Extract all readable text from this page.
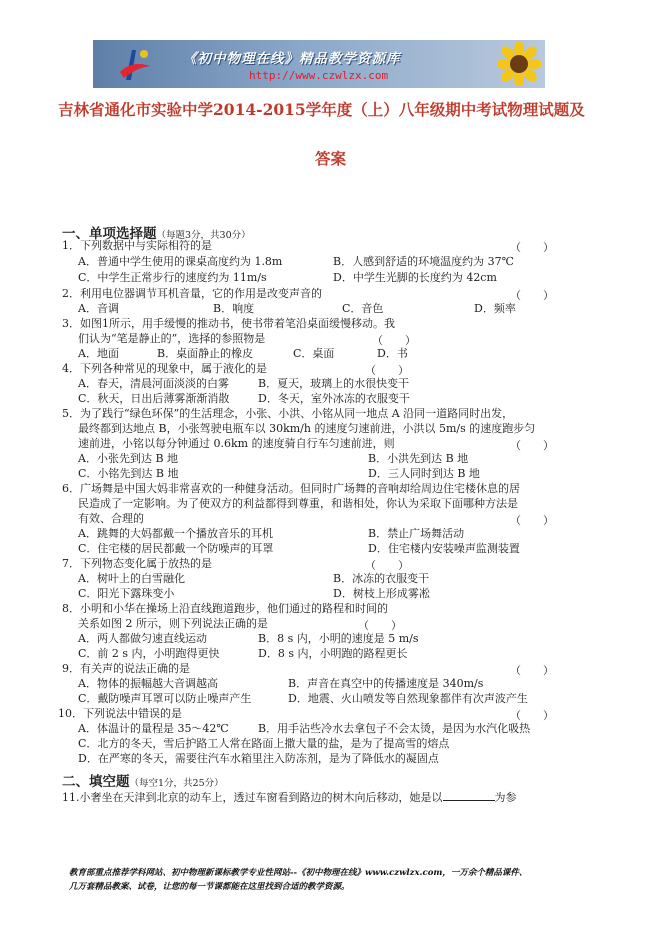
《初中物理在线》精品教学资源库
http://www.czwlzx.com
吉林省通化市实验中学2014-2015学年度（上）八年级期中考试物理试题及
答案
一、单项选择题（每题3分，共30分）
1．下列数据中与实际相符的是	（　　）
A．普通中学生使用的课桌高度约为 1.8m	B．人感到舒适的环境温度约为 37℃
C．中学生正常步行的速度约为 11m/s	D．中学生光脚的长度约为 42cm
2．利用电位器调节耳机音量，它的作用是改变声音的	（　　）
A．音调	B．响度	C．音色	D．频率
3．如图1所示，用手缓慢的推动书，使书带着笔沿桌面缓慢移动。我
们认为“笔是静止的”，选择的参照物是	（　　）
A．地面	B．桌面静止的橡皮	C．桌面	D．书
4．下列各种常见的现象中，属于液化的是	（　　）
A．春天，清晨河面淡淡的白雾	B．夏天，玻璃上的水很快变干
C．秋天，日出后薄雾渐渐消散	D．冬天，室外冰冻的衣服变干
5．为了践行“绿色环保”的生活理念，小张、小洪、小铭从同一地点 A 沿同一道路同时出发，
最终都到达地点 B，小张驾驶电瓶车以 30km/h 的速度匀速前进，小洪以 5m/s 的速度跑步匀
速前进，小铭以每分钟通过 0.6km 的速度骑自行车匀速前进，则	（　　）
A．小张先到达 B 地	B．小洪先到达 B 地
C．小铭先到达 B 地	D．三人同时到达 B 地
6．广场舞是中国大妈非常喜欢的一种健身活动。但同时广场舞的音响却给周边住宅楼休息的居
民造成了一定影响。为了使双方的利益都得到尊重，和谐相处，你认为采取下面哪种方法是
有效、合理的	（　　）
A．跳舞的大妈都戴一个播放音乐的耳机	B．禁止广场舞活动
C．住宅楼的居民都戴一个防噪声的耳罩	D．住宅楼内安装噪声监测装置
7．下列物态变化属于放热的是	（　　）
A．树叶上的白雪融化	B．冰冻的衣服变干
C．阳光下露珠变小	D．树枝上形成雾凇
8．小明和小华在操场上沿直线跑道跑步，他们通过的路程和时间的
关系如图 2 所示，则下列说法正确的是	（　　）
A．两人都做匀速直线运动	B．8 s 内，小明的速度是 5 m/s
C．前 2 s 内，小明跑得更快	D．8 s 内，小明跑的路程更长
9．有关声的说法正确的是	（　　）
A．物体的振幅越大音调越高	B．声音在真空中的传播速度是 340m/s
C．戴防噪声耳罩可以防止噪声产生	D．地震、火山喷发等自然现象都伴有次声波产生
10．下列说法中错误的是	（　　）
A．体温计的量程是 35～42℃	B．用手沾些冷水去拿包子不会太烫，是因为水汽化吸热
C．北方的冬天，雪后护路工人常在路面上撒大量的盐，是为了提高雪的熔点
D．在严寒的冬天，需要往汽车水箱里注入防冻剂，是为了降低水的凝固点
二、填空题（每空1分，共25分）
11.小奢坐在天津到北京的动车上，透过车窗看到路边的树木向后移动，她是以	为参
教育部重点推荐学科网站、初中物理新课标教学专业性网站--《初中物理在线》www.czwlzx.com，一万余个精品课件、
几万套精品教案、试卷，让您的每一节课都能在这里找到合适的教学资源。
